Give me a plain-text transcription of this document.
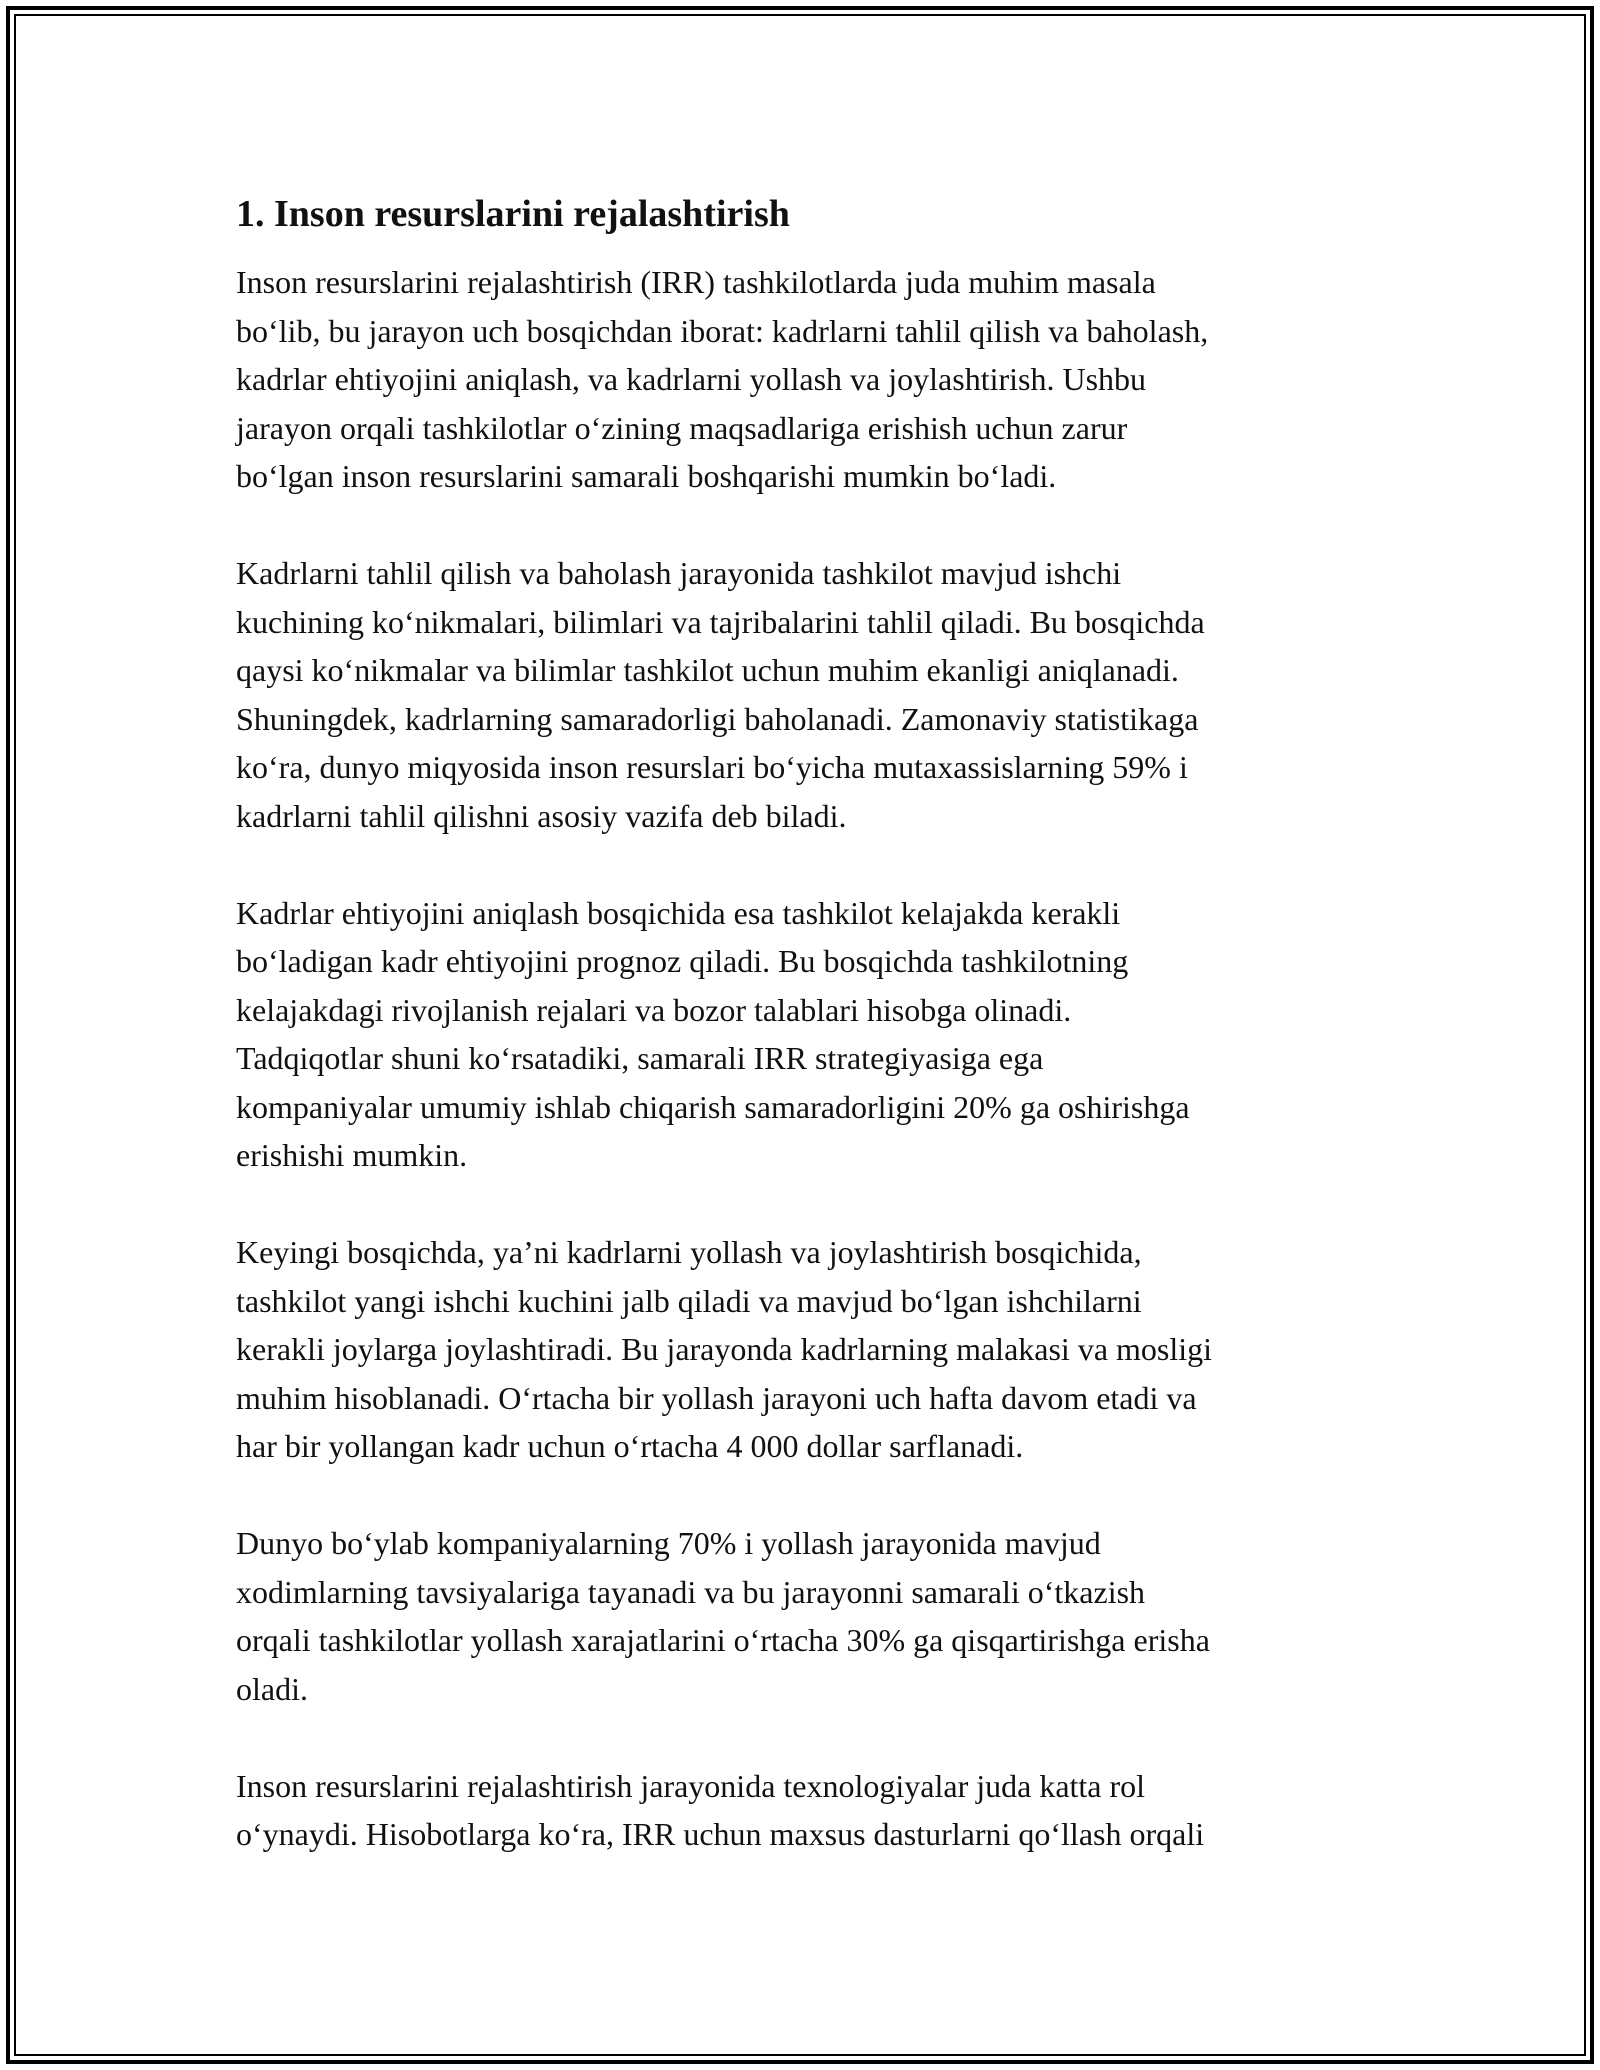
1. Inson resurslarini rejalashtirish

Inson resurslarini rejalashtirish (IRR) tashkilotlarda juda muhim masala
bo‘lib, bu jarayon uch bosqichdan iborat: kadrlarni tahlil qilish va baholash,
kadrlar ehtiyojini aniqlash, va kadrlarni yollash va joylashtirish. Ushbu
jarayon orqali tashkilotlar o‘zining maqsadlariga erishish uchun zarur
bo‘lgan inson resurslarini samarali boshqarishi mumkin bo‘ladi.

Kadrlarni tahlil qilish va baholash jarayonida tashkilot mavjud ishchi
kuchining ko‘nikmalari, bilimlari va tajribalarini tahlil qiladi. Bu bosqichda
qaysi ko‘nikmalar va bilimlar tashkilot uchun muhim ekanligi aniqlanadi.
Shuningdek, kadrlarning samaradorligi baholanadi. Zamonaviy statistikaga
ko‘ra, dunyo miqyosida inson resurslari bo‘yicha mutaxassislarning 59% i
kadrlarni tahlil qilishni asosiy vazifa deb biladi.

Kadrlar ehtiyojini aniqlash bosqichida esa tashkilot kelajakda kerakli
bo‘ladigan kadr ehtiyojini prognoz qiladi. Bu bosqichda tashkilotning
kelajakdagi rivojlanish rejalari va bozor talablari hisobga olinadi.
Tadqiqotlar shuni ko‘rsatadiki, samarali IRR strategiyasiga ega
kompaniyalar umumiy ishlab chiqarish samaradorligini 20% ga oshirishga
erishishi mumkin.

Keyingi bosqichda, ya’ni kadrlarni yollash va joylashtirish bosqichida,
tashkilot yangi ishchi kuchini jalb qiladi va mavjud bo‘lgan ishchilarni
kerakli joylarga joylashtiradi. Bu jarayonda kadrlarning malakasi va mosligi
muhim hisoblanadi. O‘rtacha bir yollash jarayoni uch hafta davom etadi va
har bir yollangan kadr uchun o‘rtacha 4 000 dollar sarflanadi.

Dunyo bo‘ylab kompaniyalarning 70% i yollash jarayonida mavjud
xodimlarning tavsiyalariga tayanadi va bu jarayonni samarali o‘tkazish
orqali tashkilotlar yollash xarajatlarini o‘rtacha 30% ga qisqartirishga erisha
oladi.

Inson resurslarini rejalashtirish jarayonida texnologiyalar juda katta rol
o‘ynaydi. Hisobotlarga ko‘ra, IRR uchun maxsus dasturlarni qo‘llash orqali
